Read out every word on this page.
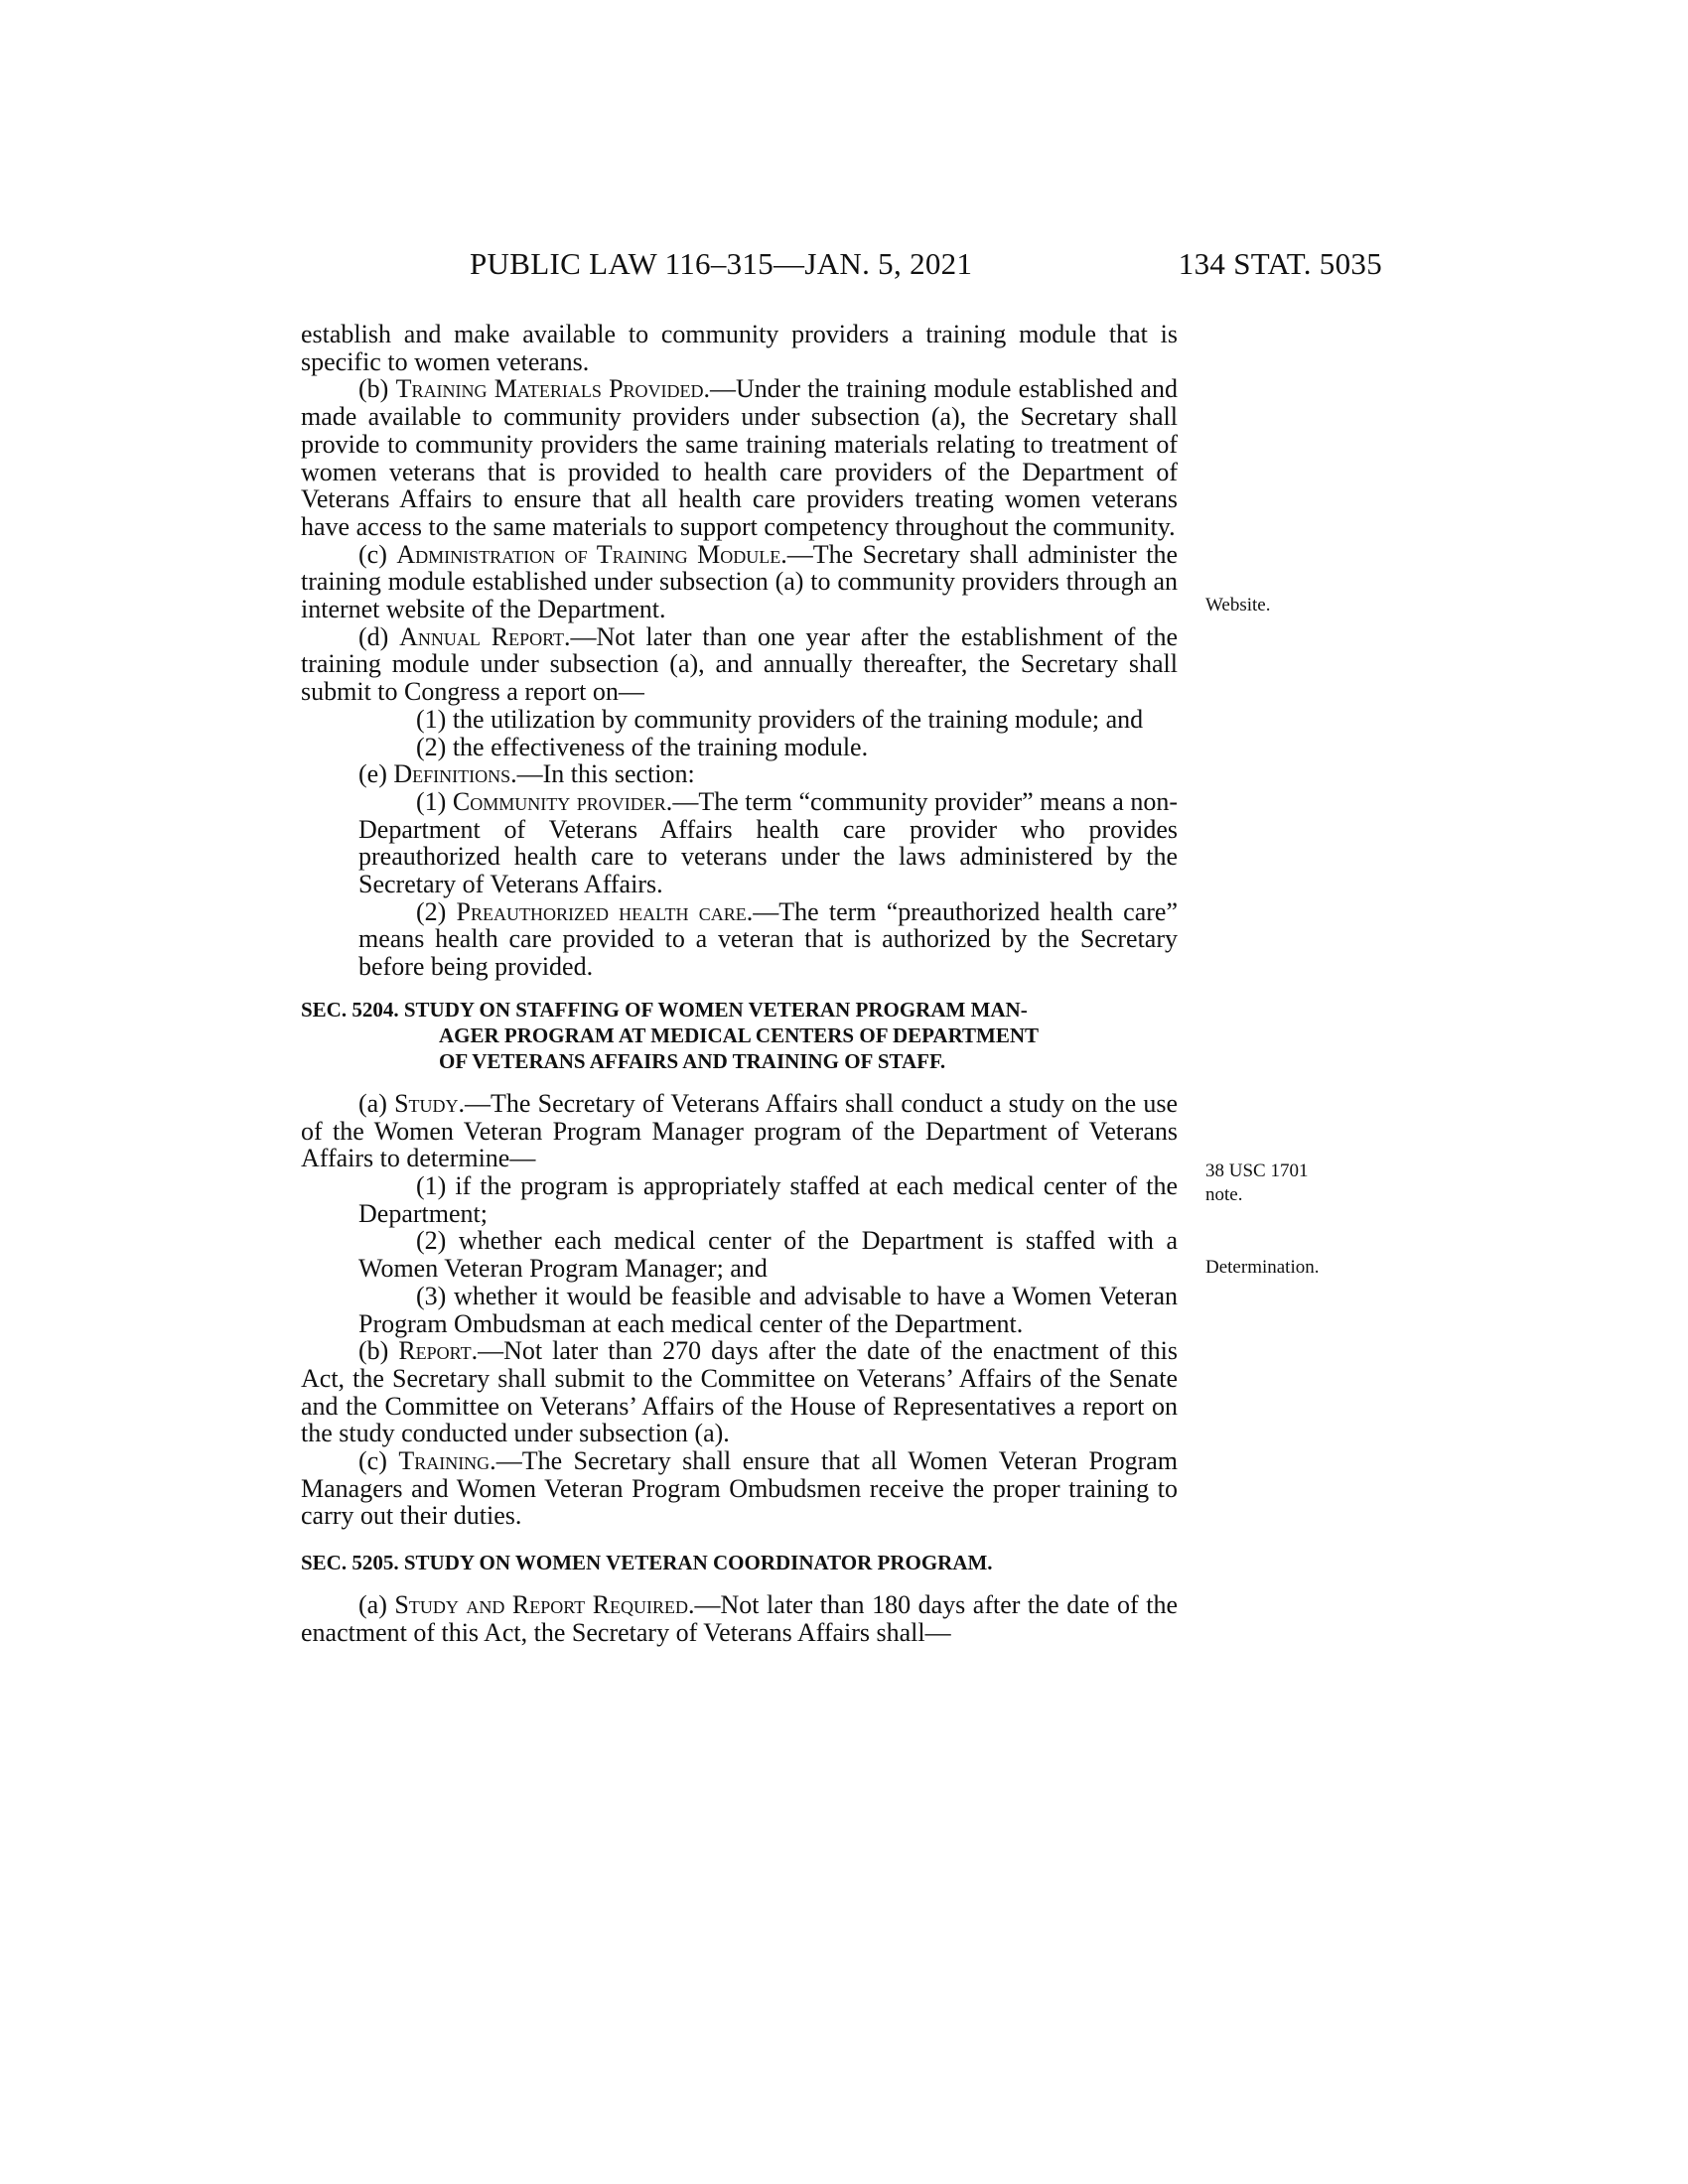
PUBLIC LAW 116–315—JAN. 5, 2021	134 STAT. 5035

establish and make available to community providers a training module that is specific to women veterans.

(b) Training Materials Provided.—Under the training module established and made available to community providers under subsection (a), the Secretary shall provide to community providers the same training materials relating to treatment of women veterans that is provided to health care providers of the Department of Veterans Affairs to ensure that all health care providers treating women veterans have access to the same materials to support competency throughout the community.

(c) Administration of Training Module.—The Secretary shall administer the training module established under subsection (a) to community providers through an internet website of the Department.

(d) Annual Report.—Not later than one year after the establishment of the training module under subsection (a), and annually thereafter, the Secretary shall submit to Congress a report on—

(1) the utilization by community providers of the training module; and

(2) the effectiveness of the training module.

(e) Definitions.—In this section:

(1) Community provider.—The term “community provider” means a non-Department of Veterans Affairs health care provider who provides preauthorized health care to veterans under the laws administered by the Secretary of Veterans Affairs.

(2) Preauthorized health care.—The term “preauthorized health care” means health care provided to a veteran that is authorized by the Secretary before being provided.

SEC. 5204. STUDY ON STAFFING OF WOMEN VETERAN PROGRAM MAN-
AGER PROGRAM AT MEDICAL CENTERS OF DEPARTMENT
OF VETERANS AFFAIRS AND TRAINING OF STAFF.

(a) Study.—The Secretary of Veterans Affairs shall conduct a study on the use of the Women Veteran Program Manager program of the Department of Veterans Affairs to determine—

(1) if the program is appropriately staffed at each medical center of the Department;

(2) whether each medical center of the Department is staffed with a Women Veteran Program Manager; and

(3) whether it would be feasible and advisable to have a Women Veteran Program Ombudsman at each medical center of the Department.

(b) Report.—Not later than 270 days after the date of the enactment of this Act, the Secretary shall submit to the Committee on Veterans’ Affairs of the Senate and the Committee on Veterans’ Affairs of the House of Representatives a report on the study conducted under subsection (a).

(c) Training.—The Secretary shall ensure that all Women Veteran Program Managers and Women Veteran Program Ombudsmen receive the proper training to carry out their duties.

SEC. 5205. STUDY ON WOMEN VETERAN COORDINATOR PROGRAM.

(a) Study and Report Required.—Not later than 180 days after the date of the enactment of this Act, the Secretary of Veterans Affairs shall—

Website.
38 USC 1701
note.
Determination.
